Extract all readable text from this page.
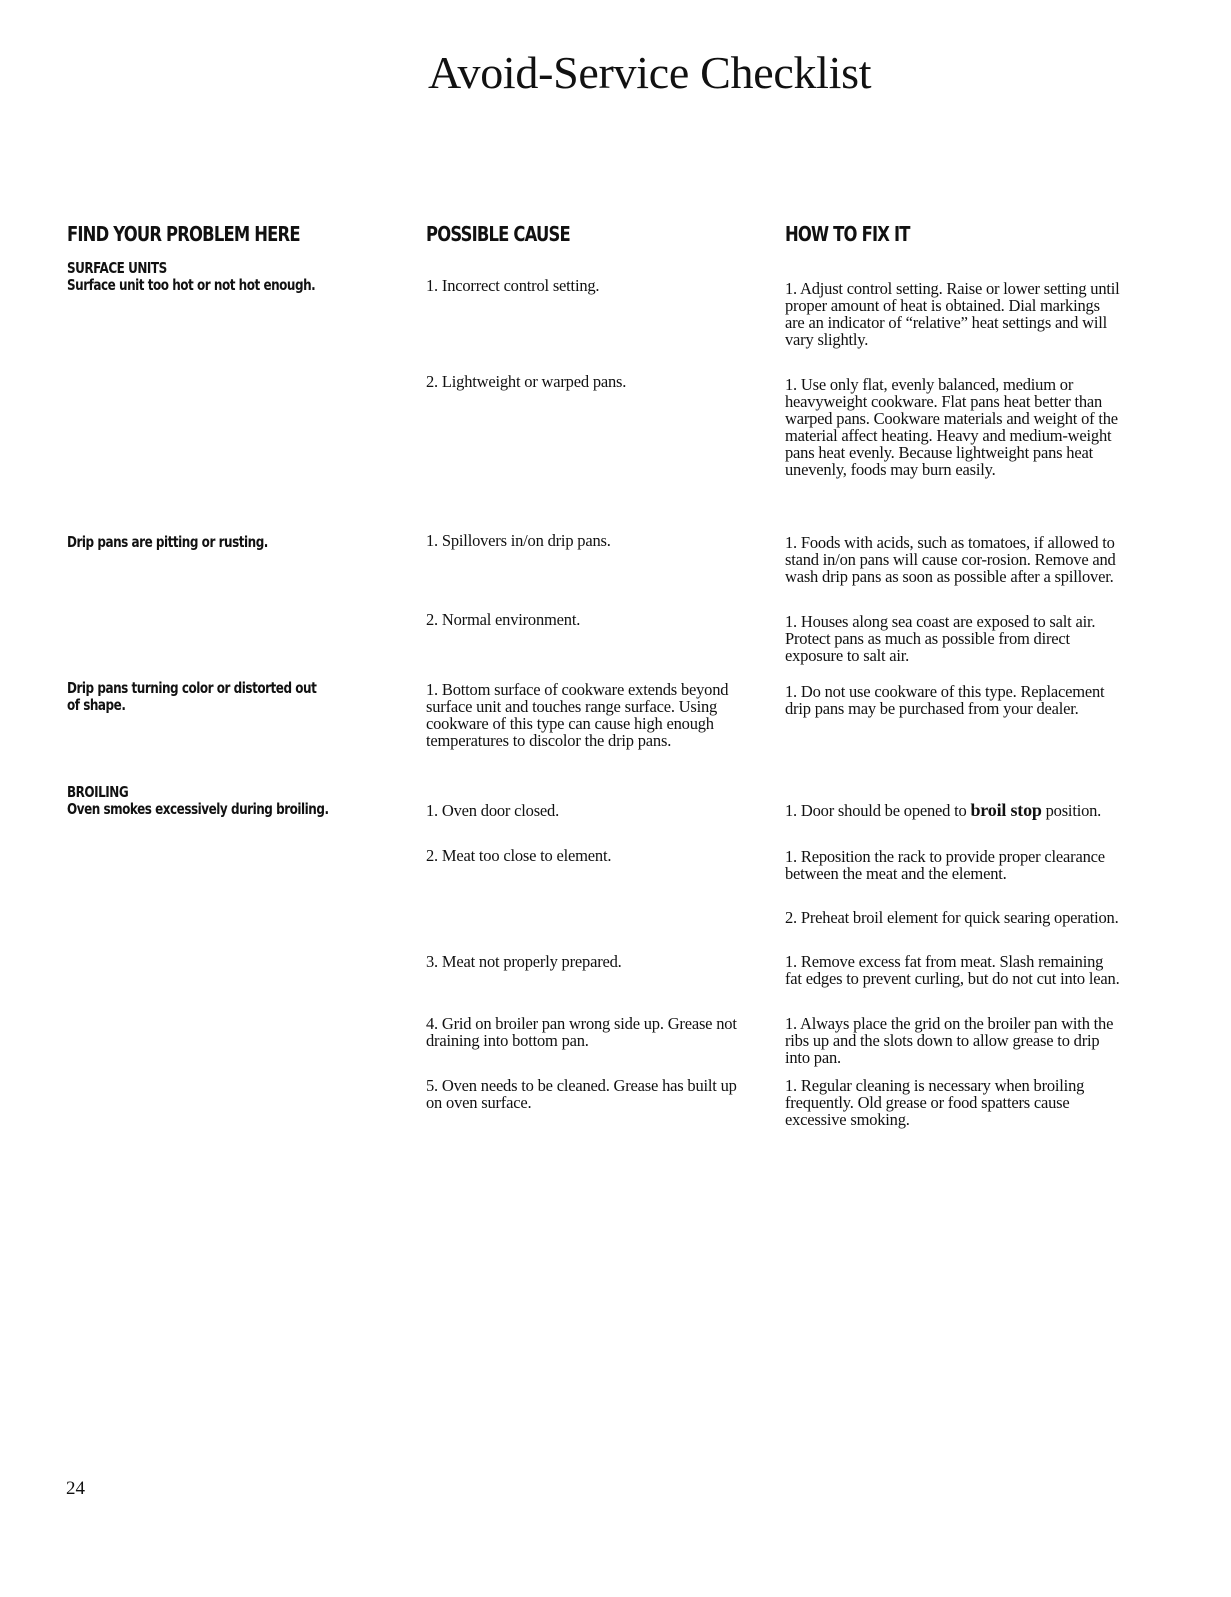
Avoid-Service Checklist
FIND YOUR PROBLEM HERE	POSSIBLE CAUSE	HOW TO FIX IT
SURFACE UNITS
Surface unit too hot or not hot enough.
Drip pans are pitting or rusting.
Drip pans turning color or distorted out
of shape.
BROILING
Oven smokes excessively during broiling.
1. Incorrect control setting.
2. Lightweight or warped pans.
1. Spillovers in/on drip pans.
2. Normal environment.
1. Bottom surface of cookware extends beyond surface unit and touches range surface. Using cookware of this type can cause high enough temperatures to discolor the drip pans.
1. Oven door closed.
2. Meat too close to element.
3. Meat not properly prepared.
4. Grid on broiler pan wrong side up. Grease not draining into bottom pan.
5. Oven needs to be cleaned. Grease has built up on oven surface.
1. Adjust control setting. Raise or lower setting until proper amount of heat is obtained. Dial markings are an indicator of “relative” heat settings and will vary slightly.
1. Use only flat, evenly balanced, medium or heavyweight cookware. Flat pans heat better than warped pans. Cookware materials and weight of the material affect heating. Heavy and medium-weight pans heat evenly. Because lightweight pans heat unevenly, foods may burn easily.
1. Foods with acids, such as tomatoes, if allowed to stand in/on pans will cause cor-rosion. Remove and wash drip pans as soon as possible after a spillover.
1. Houses along sea coast are exposed to salt air. Protect pans as much as possible from direct exposure to salt air.
1. Do not use cookware of this type. Replacement drip pans may be purchased from your dealer.
1. Door should be opened to broil stop position.
1. Reposition the rack to provide proper clearance between the meat and the element.
2. Preheat broil element for quick searing operation.
1. Remove excess fat from meat. Slash remaining fat edges to prevent curling, but do not cut into lean.
1. Always place the grid on the broiler pan with the ribs up and the slots down to allow grease to drip into pan.
1. Regular cleaning is necessary when broiling frequently. Old grease or food spatters cause excessive smoking.
24
